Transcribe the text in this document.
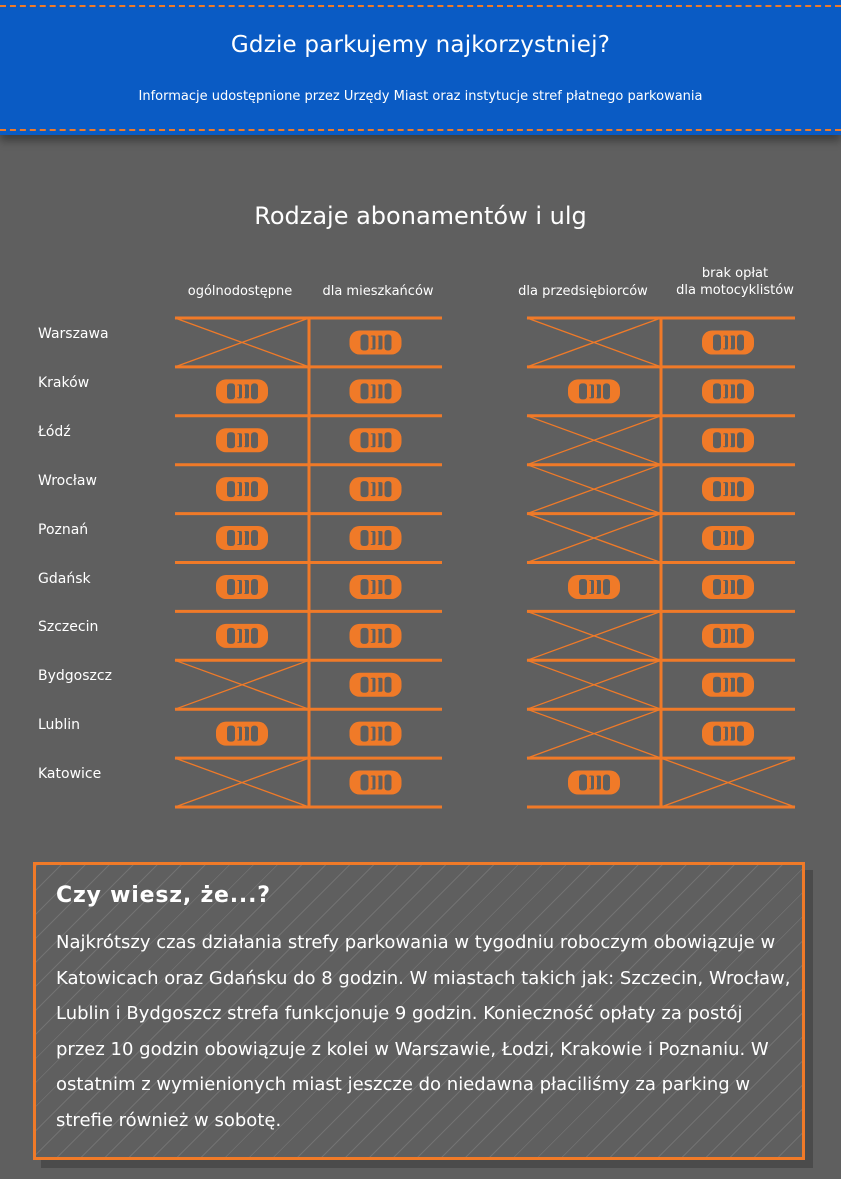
Gdzie parkujemy najkorzystniej?
Informacje udostępnione przez Urzędy Miast oraz instytucje stref płatnego parkowania
Rodzaje abonamentów i ulg
ogólnodostępne	dla mieszkańców	dla przedsiębiorców
brak opłat
dla motocyklistów
Warszawa
Kraków
Łódź
Wrocław
Poznań
Gdańsk
Szczecin
Bydgoszcz
Lublin
Katowice
Czy wiesz, że...?

Najkrótszy czas działania strefy parkowania w tygodniu roboczym obowiązuje w Katowicach oraz Gdańsku do 8 godzin. W miastach takich jak: Szczecin, Wrocław, Lublin i Bydgoszcz strefa funkcjonuje 9 godzin. Konieczność opłaty za postój przez 10 godzin obowiązuje z kolei w Warszawie, Łodzi, Krakowie i Poznaniu. W ostatnim z wymienionych miast jeszcze do niedawna płaciliśmy za parking w strefie również w sobotę.
